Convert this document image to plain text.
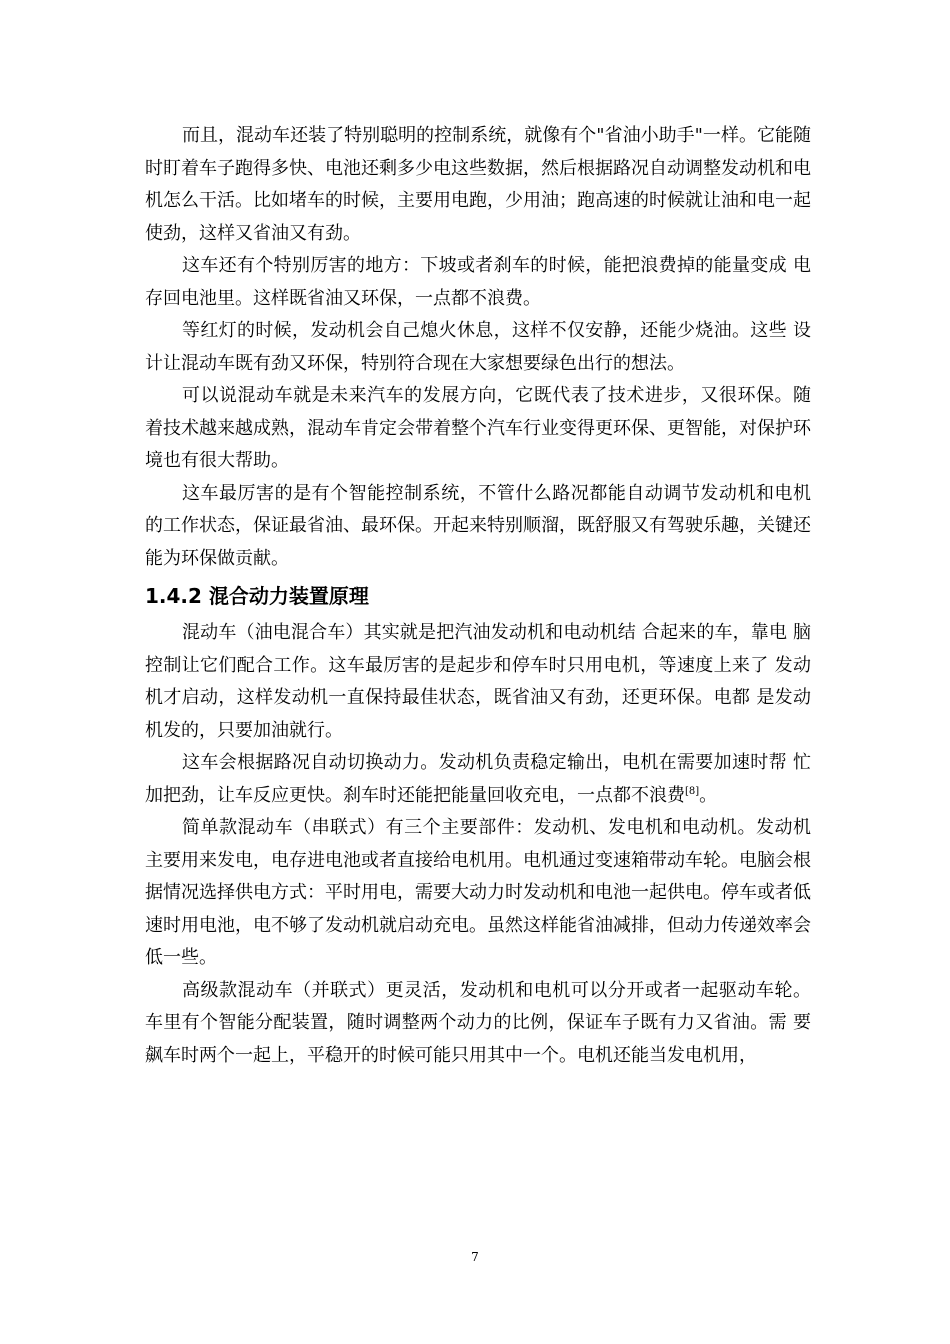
而且，混动车还装了特别聪明的控制系统，就像有个"省油小助手"一样。它能随时盯着车子跑得多快、电池还剩多少电这些数据，然后根据路况自动调整发动机和电机怎么干活。比如堵车的时候，主要用电跑，少用油；跑高速的时候就让油和电一起使劲，这样又省油又有劲。

这车还有个特别厉害的地方：下坡或者刹车的时候，能把浪费掉的能量变成 电存回电池里。这样既省油又环保，一点都不浪费。

等红灯的时候，发动机会自己熄火休息，这样不仅安静，还能少烧油。这些 设计让混动车既有劲又环保，特别符合现在大家想要绿色出行的想法。

可以说混动车就是未来汽车的发展方向，它既代表了技术进步，又很环保。随着技术越来越成熟，混动车肯定会带着整个汽车行业变得更环保、更智能，对保护环境也有很大帮助。

这车最厉害的是有个智能控制系统，不管什么路况都能自动调节发动机和电机的工作状态，保证最省油、最环保。开起来特别顺溜，既舒服又有驾驶乐趣，关键还能为环保做贡献。

1.4.2 混合动力装置原理

混动车（油电混合车）其实就是把汽油发动机和电动机结 合起来的车，靠电 脑控制让它们配合工作。这车最厉害的是起步和停车时只用电机，等速度上来了 发动机才启动，这样发动机一直保持最佳状态，既省油又有劲，还更环保。电都 是发动机发的，只要加油就行。

这车会根据路况自动切换动力。发动机负责稳定输出，电机在需要加速时帮 忙加把劲，让车反应更快。刹车时还能把能量回收充电，一点都不浪费[8]。

简单款混动车（串联式）有三个主要部件：发动机、发电机和电动机。发动机主要用来发电，电存进电池或者直接给电机用。电机通过变速箱带动车轮。电脑会根据情况选择供电方式：平时用电，需要大动力时发动机和电池一起供电。停车或者低速时用电池，电不够了发动机就启动充电。虽然这样能省油减排，但动力传递效率会低一些。

高级款混动车（并联式）更灵活，发动机和电机可以分开或者一起驱动车轮。 车里有个智能分配装置，随时调整两个动力的比例，保证车子既有力又省油。需 要飙车时两个一起上，平稳开的时候可能只用其中一个。电机还能当发电机用，

7
